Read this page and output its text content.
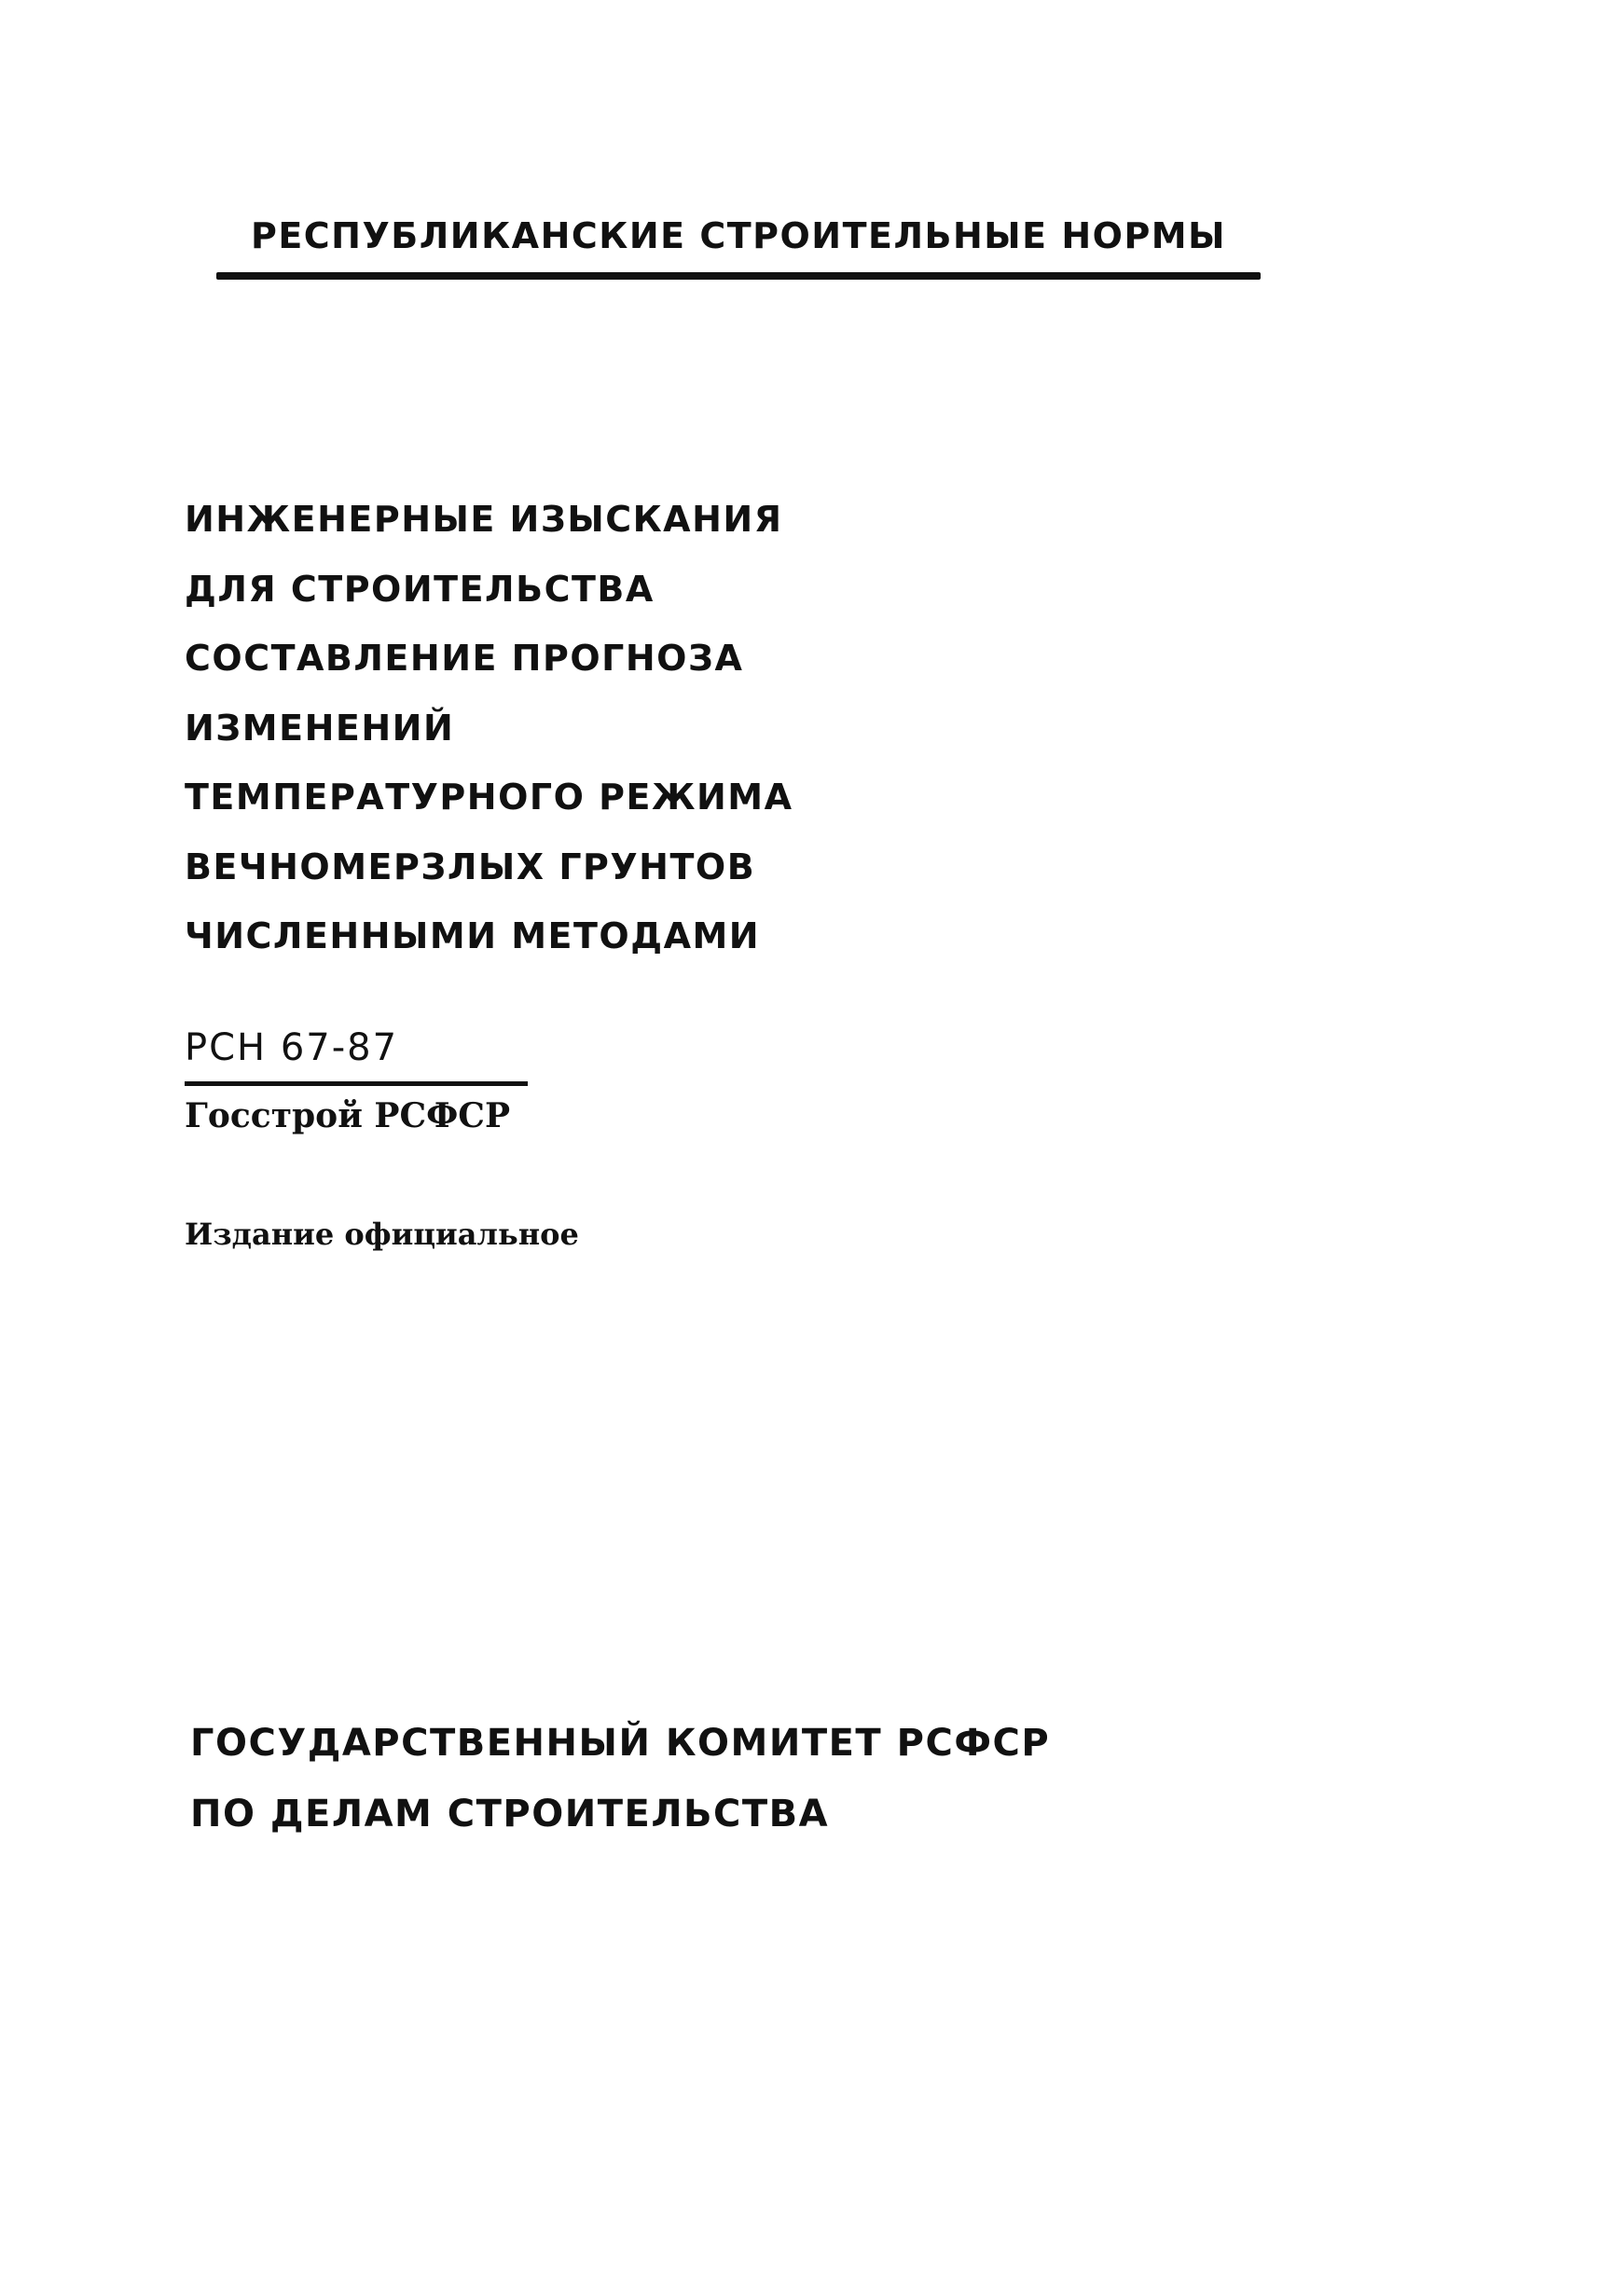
РЕСПУБЛИКАНСКИЕ СТРОИТЕЛЬНЫЕ НОРМЫ
ИНЖЕНЕРНЫЕ ИЗЫСКАНИЯ
ДЛЯ СТРОИТЕЛЬСТВА
СОСТАВЛЕНИЕ ПРОГНОЗА
ИЗМЕНЕНИЙ
ТЕМПЕРАТУРНОГО РЕЖИМА
ВЕЧНОМЕРЗЛЫХ ГРУНТОВ
ЧИСЛЕННЫМИ МЕТОДАМИ
РСН 67-87
Госстрой РСФСР
Издание официальное
ГОСУДАРСТВЕННЫЙ КОМИТЕТ РСФСР
ПО ДЕЛАМ СТРОИТЕЛЬСТВА
